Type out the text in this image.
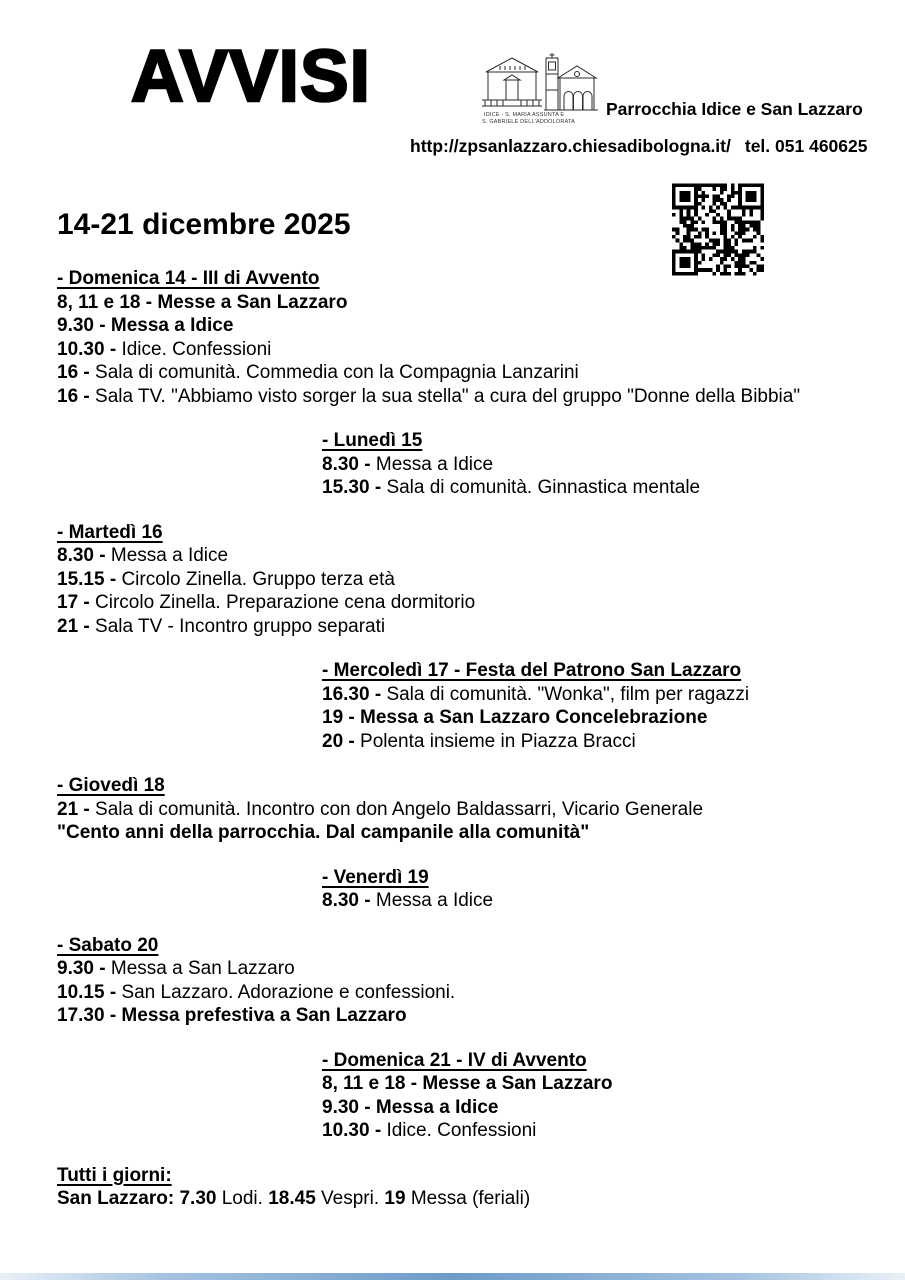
AVVISI	IDICE - S. MARIA ASSUNTA E
S. GABRIELE DELL'ADDOLORATA
Parrocchia Idice e San Lazzaro
http://zpsanlazzaro.chiesadibologna.it/ tel. 051 460625
14-21 dicembre 2025
- Domenica 14 - III di Avvento
8, 11 e 18 - Messe a San Lazzaro
9.30 - Messa a Idice
10.30 - Idice. Confessioni
16 - Sala di comunità. Commedia con la Compagnia Lanzarini
16 - Sala TV. "Abbiamo visto sorger la sua stella" a cura del gruppo "Donne della Bibbia"
- Lunedì 15
8.30 - Messa a Idice
15.30 - Sala di comunità. Ginnastica mentale
- Martedì 16
8.30 - Messa a Idice
15.15 - Circolo Zinella. Gruppo terza età
17 - Circolo Zinella. Preparazione cena dormitorio
21 - Sala TV - Incontro gruppo separati
- Mercoledì 17 - Festa del Patrono San Lazzaro
16.30 - Sala di comunità. "Wonka", film per ragazzi
19 - Messa a San Lazzaro Concelebrazione
20 - Polenta insieme in Piazza Bracci
- Giovedì 18
21 - Sala di comunità. Incontro con don Angelo Baldassarri, Vicario Generale
"Cento anni della parrocchia. Dal campanile alla comunità"
- Venerdì 19
8.30 - Messa a Idice
- Sabato 20
9.30 - Messa a San Lazzaro
10.15 - San Lazzaro. Adorazione e confessioni.
17.30 - Messa prefestiva a San Lazzaro
- Domenica 21 - IV di Avvento
8, 11 e 18 - Messe a San Lazzaro
9.30 - Messa a Idice
10.30 - Idice. Confessioni
Tutti i giorni:
San Lazzaro: 7.30 Lodi. 18.45 Vespri. 19 Messa (feriali)
